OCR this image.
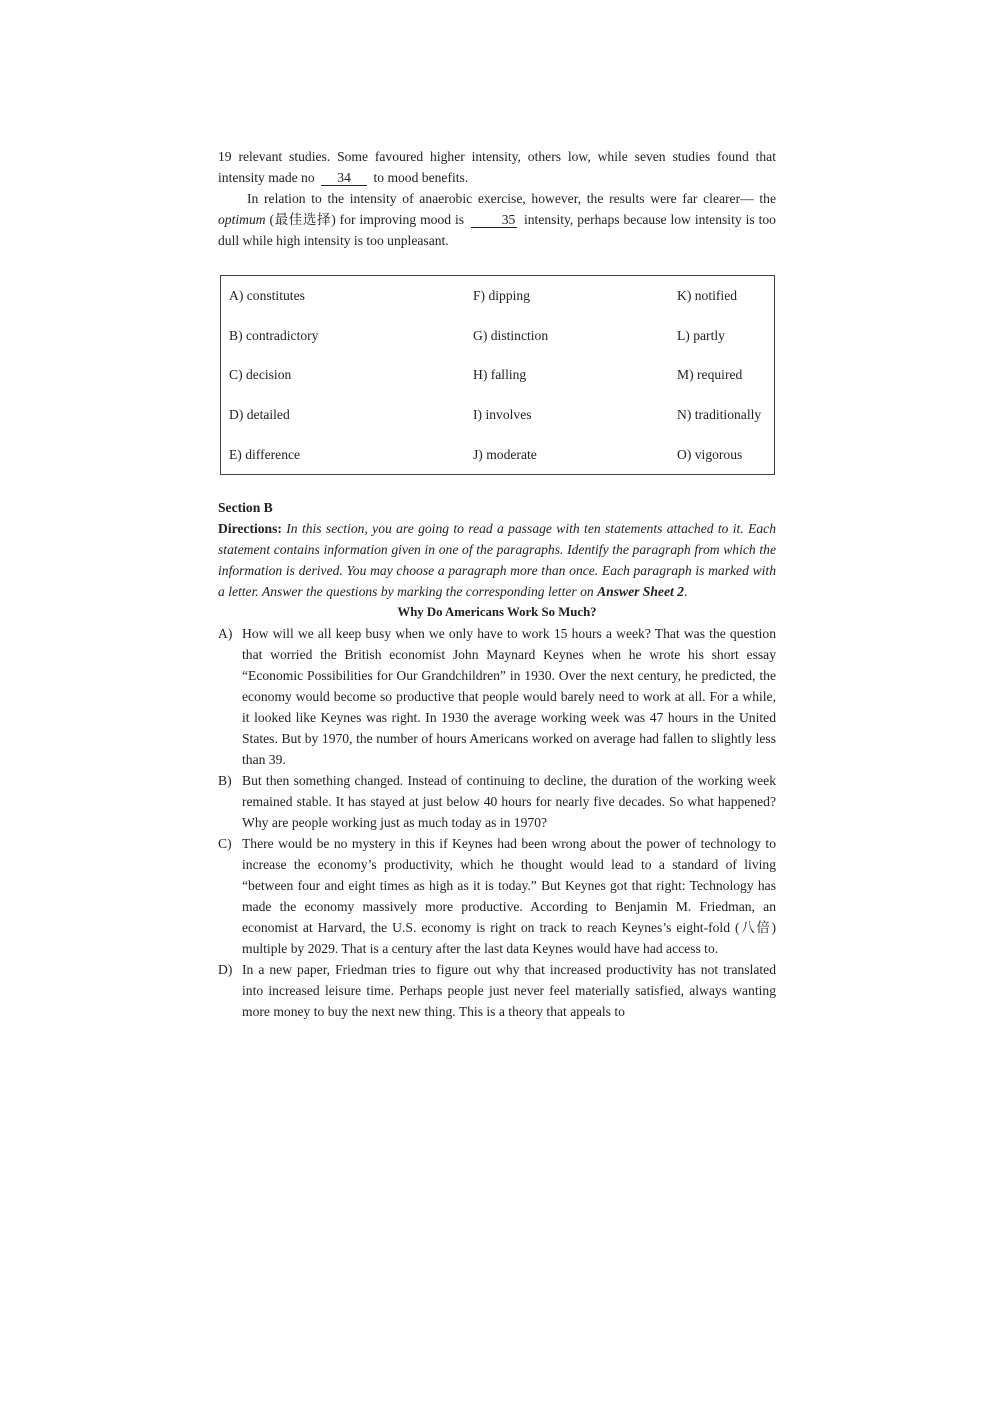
19 relevant studies. Some favoured higher intensity, others low, while seven studies found that intensity made no 34 to mood benefits.
In relation to the intensity of anaerobic exercise, however, the results were far clearer— the optimum (最佳选择) for improving mood is	35 intensity, perhaps because low intensity is too dull while high intensity is too unpleasant.
A) constitutes	F) dipping	K) notified
B) contradictory	G) distinction	L) partly
C) decision	H) falling	M) required
D) detailed	I) involves	N) traditionally
E) difference	J) moderate	O) vigorous
Section B
Directions: In this section, you are going to read a passage with ten statements attached to it. Each statement contains information given in one of the paragraphs. Identify the paragraph from which the information is derived. You may choose a paragraph more than once. Each paragraph is marked with a letter. Answer the questions by marking the corresponding letter on Answer Sheet 2.
Why Do Americans Work So Much?
A) How will we all keep busy when we only have to work 15 hours a week? That was the question that worried the British economist John Maynard Keynes when he wrote his short essay “Economic Possibilities for Our Grandchildren” in 1930. Over the next century, he predicted, the economy would become so productive that people would barely need to work at all. For a while, it looked like Keynes was right. In 1930 the average working week was 47 hours in the United States. But by 1970, the number of hours Americans worked on average had fallen to slightly less than 39.
B) But then something changed. Instead of continuing to decline, the duration of the working week remained stable. It has stayed at just below 40 hours for nearly five decades. So what happened? Why are people working just as much today as in 1970?
C) There would be no mystery in this if Keynes had been wrong about the power of technology to increase the economy’s productivity, which he thought would lead to a standard of living “between four and eight times as high as it is today.” But Keynes got that right: Technology has made the economy massively more productive. According to Benjamin M. Friedman, an economist at Harvard, the U.S. economy is right on track to reach Keynes’s eight-fold (八倍) multiple by 2029. That is a century after the last data Keynes would have had access to.
D) In a new paper, Friedman tries to figure out why that increased productivity has not translated into increased leisure time. Perhaps people just never feel materially satisfied, always wanting more money to buy the next new thing. This is a theory that appeals to
